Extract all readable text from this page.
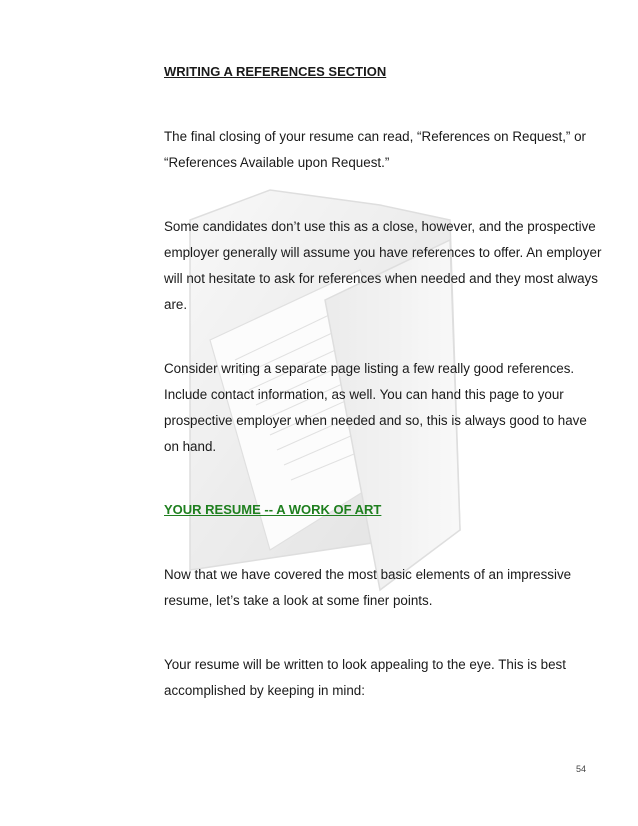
WRITING A REFERENCES SECTION

The final closing of your resume can read, “References on Request,” or “References Available upon Request.”

Some candidates don’t use this as a close, however, and the prospective employer generally will assume you have references to offer. An employer will not hesitate to ask for references when needed and they most always are.

Consider writing a separate page listing a few really good references. Include contact information, as well. You can hand this page to your prospective employer when needed and so, this is always good to have on hand.

YOUR RESUME -- A WORK OF ART

Now that we have covered the most basic elements of an impressive resume, let’s take a look at some finer points.

Your resume will be written to look appealing to the eye. This is best accomplished by keeping in mind:

54
